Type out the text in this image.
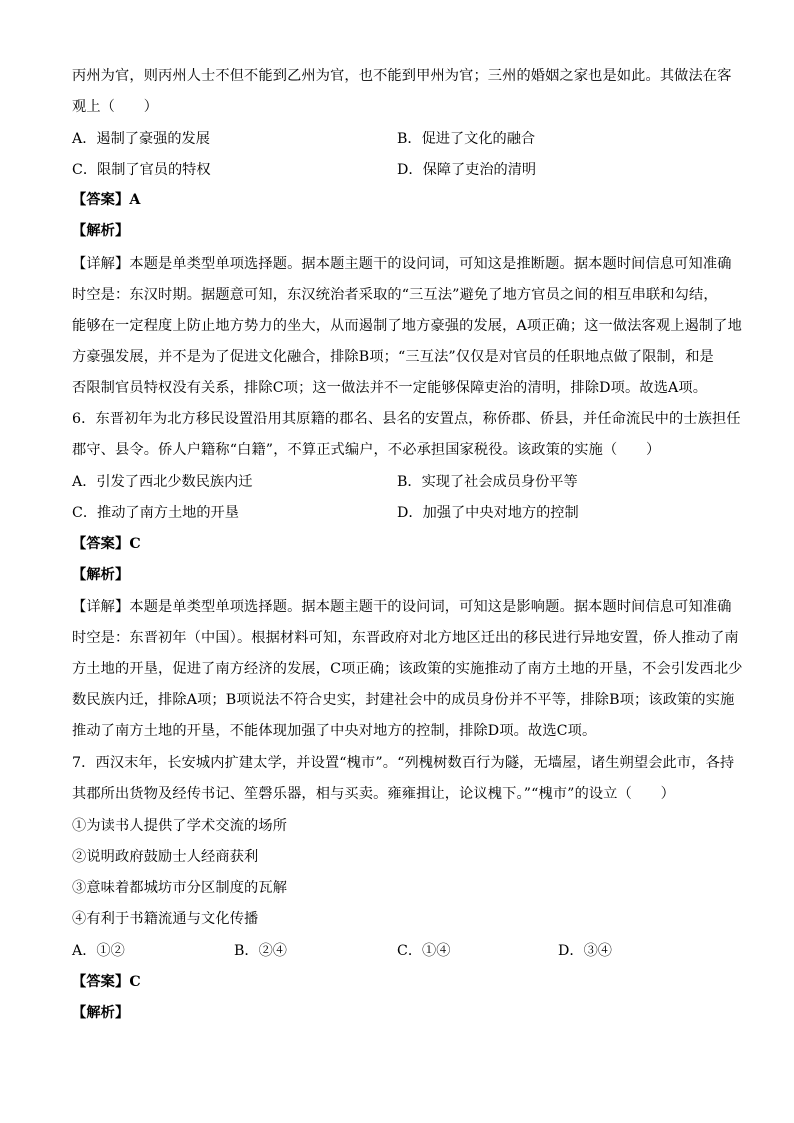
丙州为官，则丙州人士不但不能到乙州为官，也不能到甲州为官；三州的婚姻之家也是如此。其做法在客
观上（　　）
A．遏制了豪强的发展	B．促进了文化的融合
C．限制了官员的特权	D．保障了吏治的清明
【答案】A
【解析】
【详解】本题是单类型单项选择题。据本题主题干的设问词，可知这是推断题。据本题时间信息可知准确
时空是：东汉时期。据题意可知，东汉统治者采取的“三互法”避免了地方官员之间的相互串联和勾结，
能够在一定程度上防止地方势力的坐大，从而遏制了地方豪强的发展，A项正确；这一做法客观上遏制了地
方豪强发展，并不是为了促进文化融合，排除B项；“三互法”仅仅是对官员的任职地点做了限制，和是
否限制官员特权没有关系，排除C项；这一做法并不一定能够保障吏治的清明，排除D项。故选A项。
6．东晋初年为北方移民设置沿用其原籍的郡名、县名的安置点，称侨郡、侨县，并任命流民中的士族担任
郡守、县令。侨人户籍称“白籍”，不算正式编户，不必承担国家税役。该政策的实施（　　）
A．引发了西北少数民族内迁	B．实现了社会成员身份平等
C．推动了南方土地的开垦	D．加强了中央对地方的控制
【答案】C
【解析】
【详解】本题是单类型单项选择题。据本题主题干的设问词，可知这是影响题。据本题时间信息可知准确
时空是：东晋初年（中国）。根据材料可知，东晋政府对北方地区迁出的移民进行异地安置，侨人推动了南
方土地的开垦，促进了南方经济的发展，C项正确；该政策的实施推动了南方土地的开垦，不会引发西北少
数民族内迁，排除A项；B项说法不符合史实，封建社会中的成员身份并不平等，排除B项；该政策的实施
推动了南方土地的开垦，不能体现加强了中央对地方的控制，排除D项。故选C项。
7．西汉末年，长安城内扩建太学，并设置“槐市”。“列槐树数百行为隧，无墙屋，诸生朔望会此市，各持
其郡所出货物及经传书记、笙磬乐器，相与买卖。雍雍揖让，论议槐下。”“槐市”的设立（　　）
①为读书人提供了学术交流的场所
②说明政府鼓励士人经商获利
③意味着都城坊市分区制度的瓦解
④有利于书籍流通与文化传播
A．①②	B．②④	C．①④	D．③④
【答案】C
【解析】
